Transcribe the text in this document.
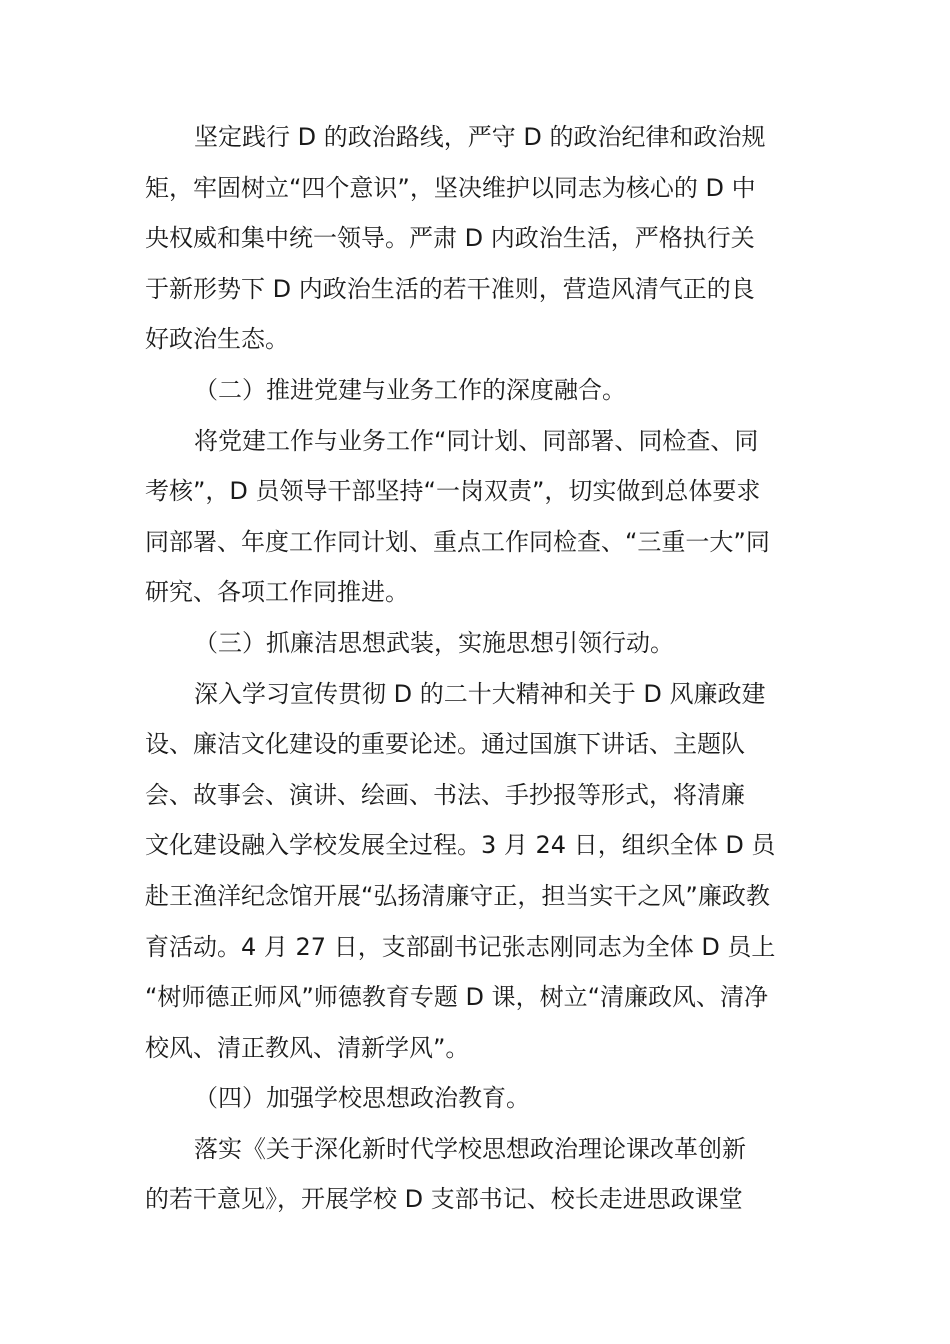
坚定践行 D 的政治路线，严守 D 的政治纪律和政治规
矩，牢固树立“四个意识”，坚决维护以同志为核心的 D 中
央权威和集中统一领导。严肃 D 内政治生活，严格执行关
于新形势下 D 内政治生活的若干准则，营造风清气正的良
好政治生态。
（二）推进党建与业务工作的深度融合。
将党建工作与业务工作“同计划、同部署、同检查、同
考核”，D 员领导干部坚持“一岗双责”，切实做到总体要求
同部署、年度工作同计划、重点工作同检查、“三重一大”同
研究、各项工作同推进。
（三）抓廉洁思想武装，实施思想引领行动。
深入学习宣传贯彻 D 的二十大精神和关于 D 风廉政建
设、廉洁文化建设的重要论述。通过国旗下讲话、主题队
会、故事会、演讲、绘画、书法、手抄报等形式，将清廉
文化建设融入学校发展全过程。3 月 24 日，组织全体 D 员
赴王渔洋纪念馆开展“弘扬清廉守正，担当实干之风”廉政教
育活动。4 月 27 日，支部副书记张志刚同志为全体 D 员上
“树师德正师风”师德教育专题 D 课，树立“清廉政风、清净
校风、清正教风、清新学风”。
（四）加强学校思想政治教育。
落实《关于深化新时代学校思想政治理论课改革创新
的若干意见》，开展学校 D 支部书记、校长走进思政课堂
